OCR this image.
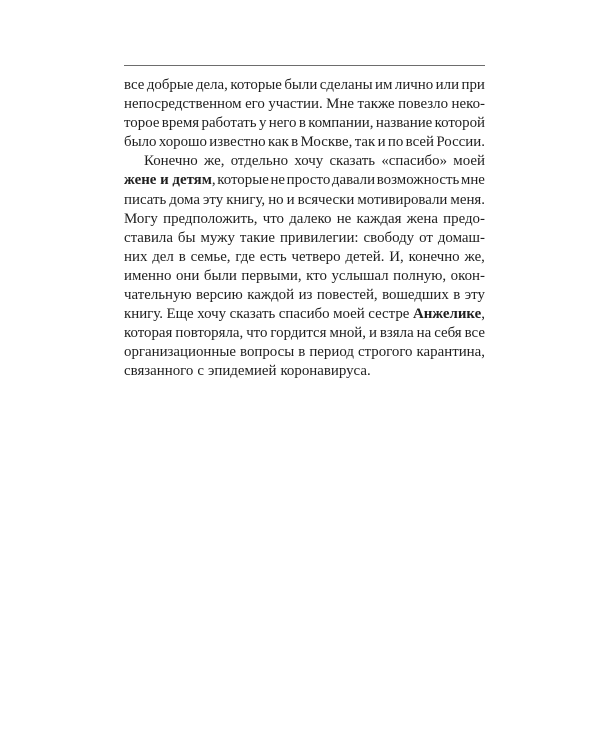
все добрые дела, которые были сделаны им лично или при
непосредственном его участии. Мне также повезло неко-
торое время работать у него в компании, название которой
было хорошо известно как в Москве, так и по всей России.
Конечно же, отдельно хочу сказать «спасибо» моей
жене и детям, которые не просто давали возможность мне
писать дома эту книгу, но и всячески мотивировали меня.
Могу предположить, что далеко не каждая жена предо-
ставила бы мужу такие привилегии: свободу от домаш-
них дел в семье, где есть четверо детей. И, конечно же,
именно они были первыми, кто услышал полную, окон-
чательную версию каждой из повестей, вошедших в эту
книгу. Еще хочу сказать спасибо моей сестре Анжелике,
которая повторяла, что гордится мной, и взяла на себя все
организационные вопросы в период строгого карантина,
связанного с эпидемией коронавируса.
